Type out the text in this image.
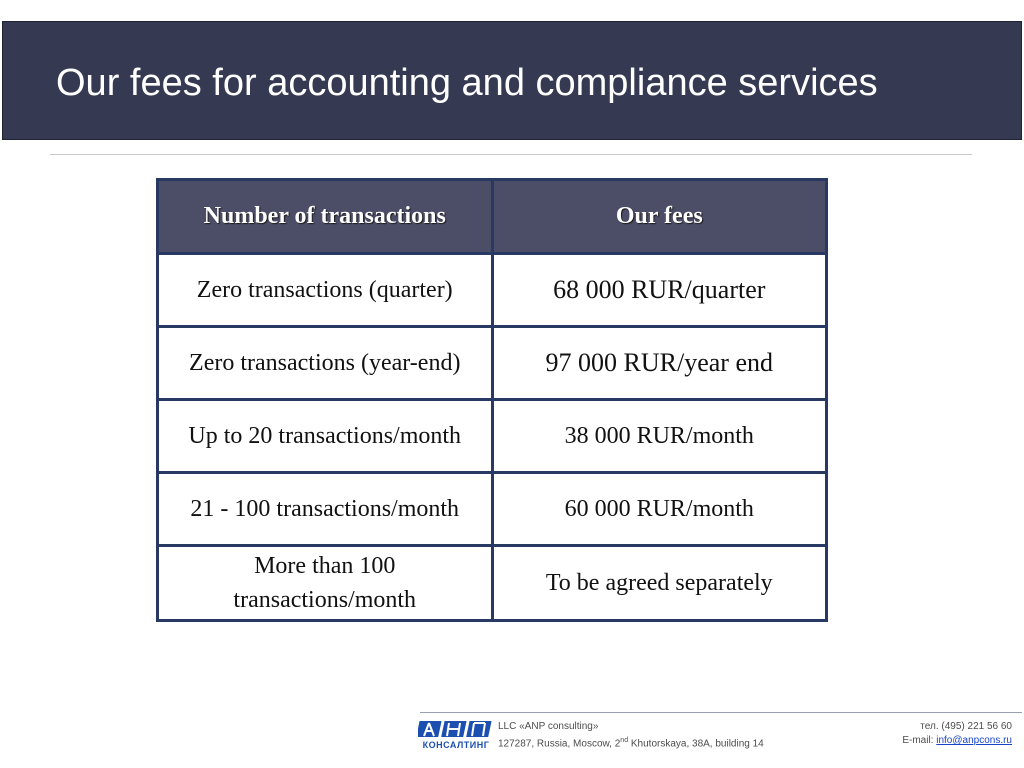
Our fees for accounting and compliance services
Number of transactions	Our fees
Zero transactions (quarter)	68 000 RUR/quarter
Zero transactions (year-end)	97 000 RUR/year end
Up to 20 transactions/month	38 000 RUR/month
21 - 100 transactions/month	60 000 RUR/month
More than 100 transactions/month	To be agreed separately
КОНСАЛТИНГ
LLC «ANP consulting»
127287, Russia, Moscow, 2nd Khutorskaya, 38A, building 14
тел. (495) 221 56 60
E-mail: info@anpcons.ru
